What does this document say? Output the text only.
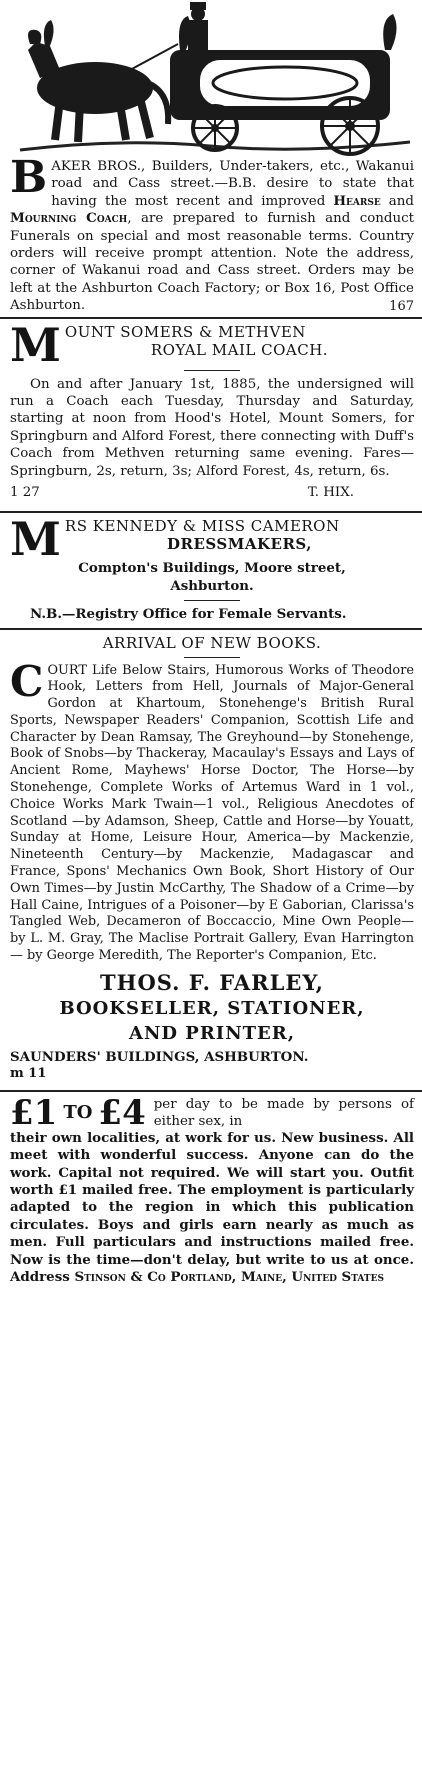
BAKER BROS., Builders, Under-takers, etc., Wakanui road and Cass street.—B.B. desire to state that having the most recent and improved Hearse and Mourning Coach, are prepared to furnish and conduct Funerals on special and most reasonable terms. Country orders will receive prompt attention. Note the address, corner of Wakanui road and Cass street. Orders may be left at the Ashburton Coach Factory; or Box 16, Post Office Ashburton.	167
M OUNT SOMERS & METHVEN
ROYAL MAIL COACH.

On and after January 1st, 1885, the undersigned will run a Coach each Tuesday, Thursday and Saturday, starting at noon from Hood's Hotel, Mount Somers, for Springburn and Alford Forest, there connecting with Duff's Coach from Methven returning same evening. Fares—Springburn, 2s, return, 3s; Alford Forest, 4s, return, 6s.

1 27	T. HIX.
M RS KENNEDY & MISS CAMERON
DRESSMAKERS,
Compton's Buildings, Moore street,
Ashburton.

N.B.—Registry Office for Female Servants.

ARRIVAL OF NEW BOOKS.

COURT Life Below Stairs, Humorous Works of Theodore Hook, Letters from Hell, Journals of Major-General Gordon at Khartoum, Stonehenge's British Rural Sports, Newspaper Readers' Companion, Scottish Life and Character by Dean Ramsay, The Greyhound—by Stonehenge, Book of Snobs—by Thackeray, Macaulay's Essays and Lays of Ancient Rome, Mayhews' Horse Doctor, The Horse—by Stonehenge, Complete Works of Artemus Ward in 1 vol., Choice Works Mark Twain—1 vol., Religious Anecdotes of Scotland —by Adamson, Sheep, Cattle and Horse—by Youatt, Sunday at Home, Leisure Hour, America—by Mackenzie, Nineteenth Century—by Mackenzie, Madagascar and France, Spons' Mechanics Own Book, Short History of Our Own Times—by Justin McCarthy, The Shadow of a Crime—by Hall Caine, Intrigues of a Poisoner—by E Gaborian, Clarissa's Tangled Web, Decameron of Boccaccio, Mine Own People—by L. M. Gray, The Maclise Portrait Gallery, Evan Harrington — by George Meredith, The Reporter's Companion, Etc.

THOS. F. FARLEY,
BOOKSELLER, STATIONER,
AND PRINTER,
SAUNDERS' BUILDINGS, ASHBURTON.
m 11
£1 TO £4 per day to be made by persons of either sex, in

their own localities, at work for us. New business. All meet with wonderful success. Anyone can do the work. Capital not required. We will start you. Outfit worth £1 mailed free. The employment is particularly adapted to the region in which this publication circulates. Boys and girls earn nearly as much as men. Full particulars and instructions mailed free. Now is the time—don't delay, but write to us at once. Address Stinson & Co Portland, Maine, United States
